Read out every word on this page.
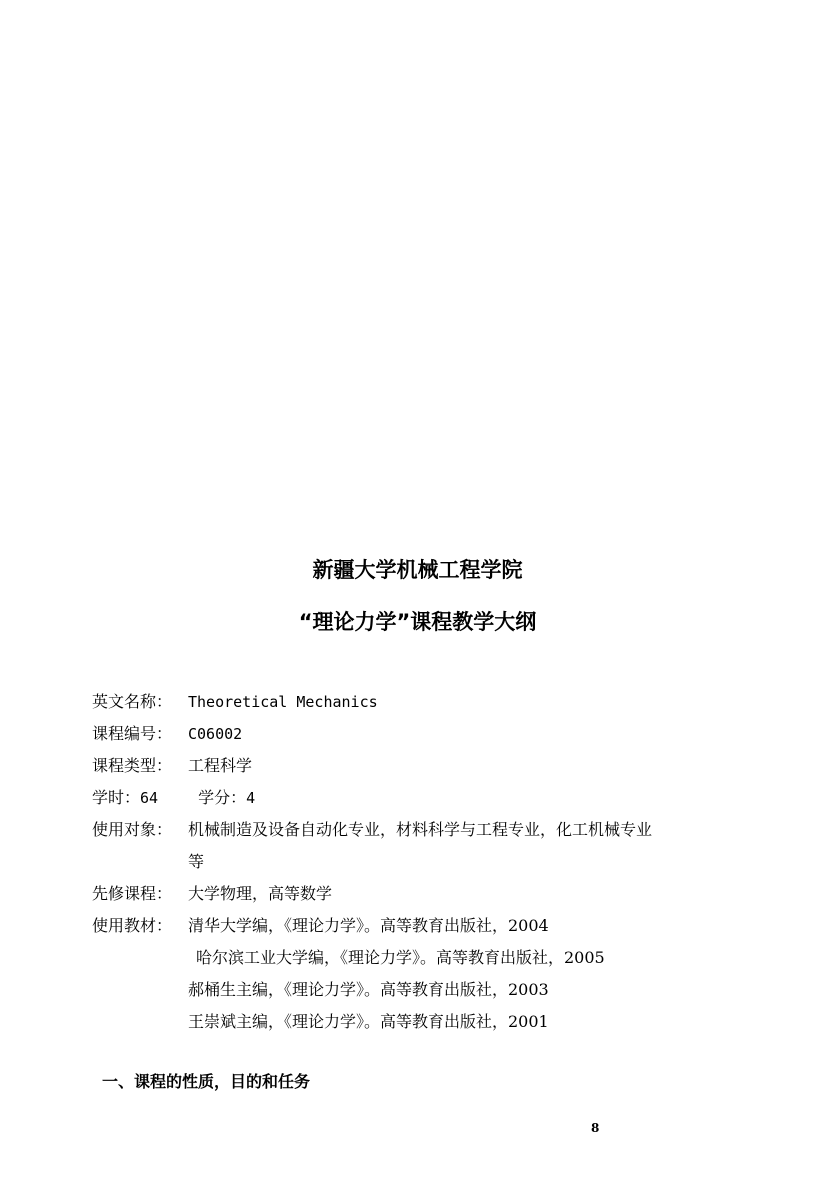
新疆大学机械工程学院
“理论力学”课程教学大纲
英文名称：	Theoretical Mechanics
课程编号：	C06002
课程类型： 工程科学
学时： 64	学分： 4
使用对象： 机械制造及设备自动化专业，材料科学与工程专业，化工机械专业
等
先修课程： 大学物理，高等数学
使用教材： 清华大学编，《理论力学》。高等教育出版社，2004
哈尔滨工业大学编，《理论力学》。高等教育出版社，2005
郝桶生主编，《理论力学》。高等教育出版社，2003
王崇斌主编，《理论力学》。高等教育出版社，2001
一、课程的性质，目的和任务
8
